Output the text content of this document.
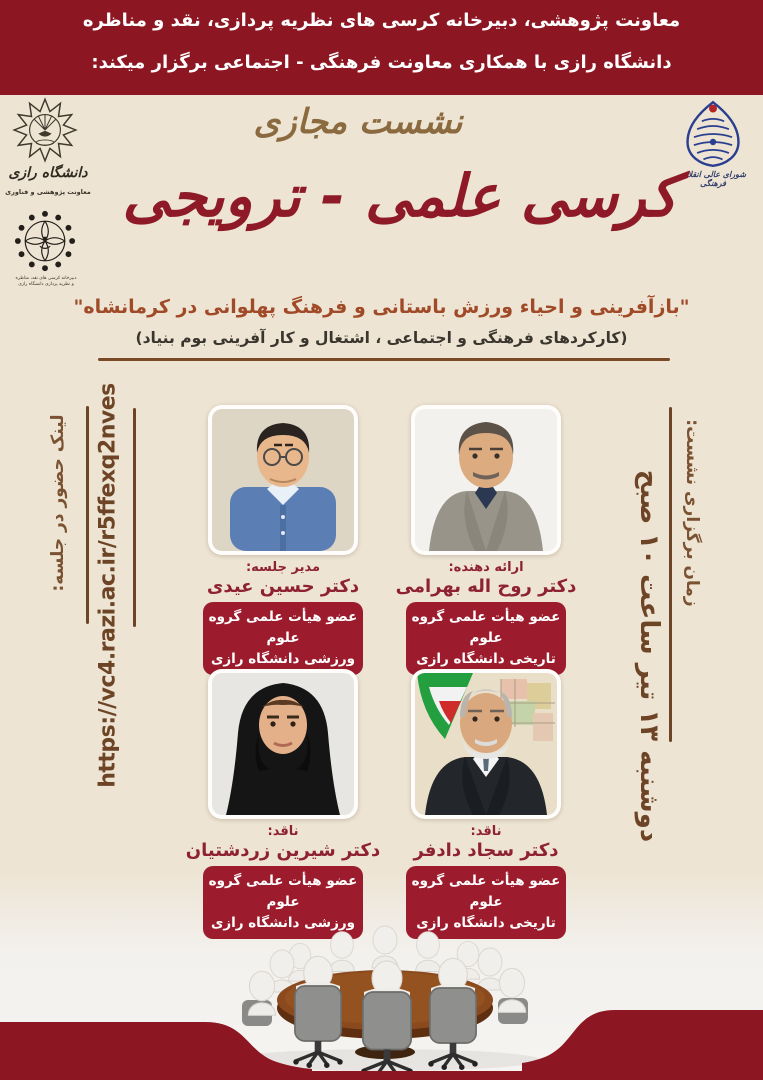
معاونت پژوهشی، دبیرخانه کرسی های نظریه پردازی، نقد و مناظره
دانشگاه رازی با همکاری معاونت فرهنگی - اجتماعی برگزار میکند:
دانشگاه رازی
معاونت پژوهشی و فناوری
دبیرخانه کرسی های نقد، مناظره و نظریه پردازی دانشگاه رازی
شورای عالی انقلاب فرهنگی
نشست مجازی
کرسی علمی - ترویجی
"بازآفرینی و احیاء ورزش باستانی و فرهنگ پهلوانی در کرمانشاه"
(کارکردهای فرهنگی و اجتماعی ، اشتغال و کار آفرینی بوم بنیاد)
لینک حضور در جلسه: https://vc4.razi.ac.ir/r5ffexq2nves	زمان برگزاری نشست:
دوشنبه ۱۳ تیر ساعت ۱۰ صبح
مدیر جلسه:
دکتر حسین عیدی
عضو هیأت علمی گروه علوم
ورزشی دانشگاه رازی
ارائه دهنده:
دکتر روح اله بهرامی
عضو هیأت علمی گروه علوم
تاریخی دانشگاه رازی
ناقد:
دکتر شیرین زردشتیان
عضو هیأت علمی گروه علوم
ورزشی دانشگاه رازی
ناقد:
دکتر سجاد دادفر
عضو هیأت علمی گروه علوم
تاریخی دانشگاه رازی
